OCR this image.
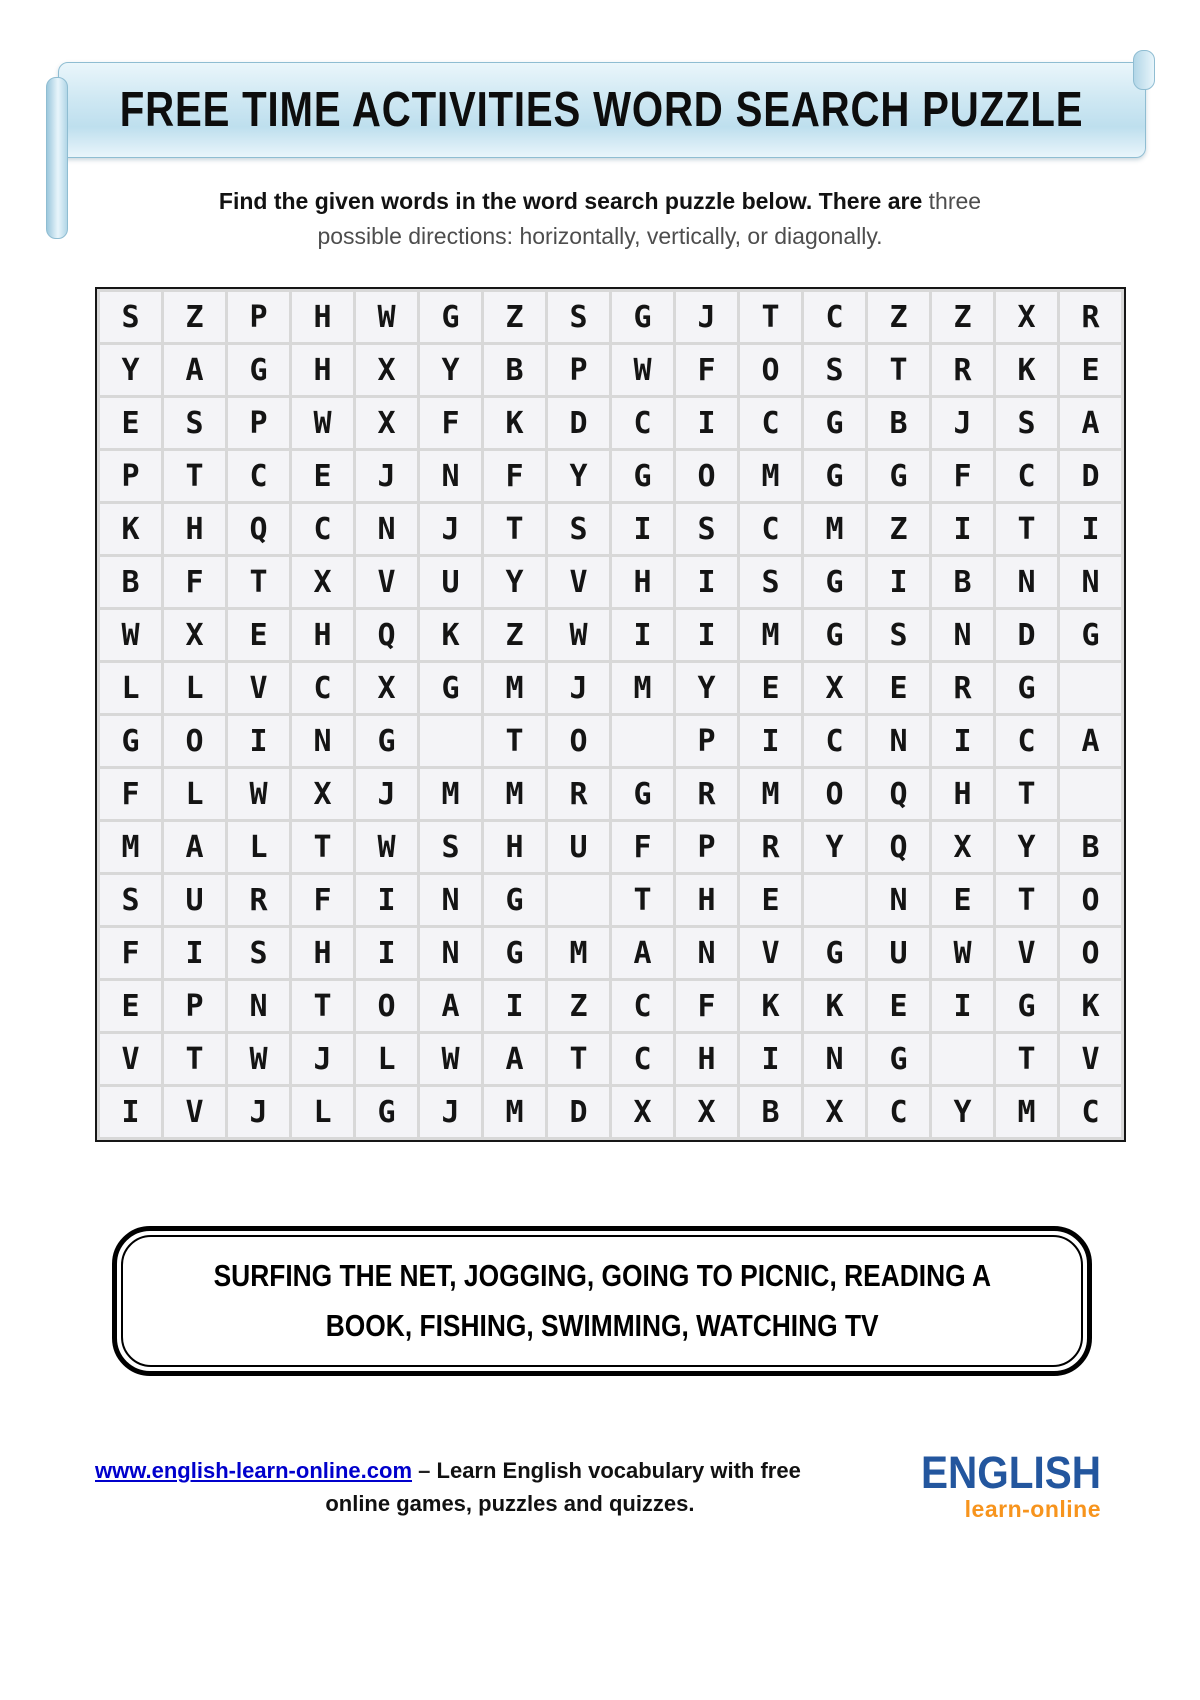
FREE TIME ACTIVITIES WORD SEARCH PUZZLE

Find the given words in the word search puzzle below. There are three
possible directions: horizontally, vertically, or diagonally.

S	Z	P	H	W	G	Z	S	G	J	T	C	Z	Z	X	R
Y	A	G	H	X	Y	B	P	W	F	O	S	T	R	K	E
E	S	P	W	X	F	K	D	C	I	C	G	B	J	S	A
P	T	C	E	J	N	F	Y	G	O	M	G	G	F	C	D
K	H	Q	C	N	J	T	S	I	S	C	M	Z	I	T	I
B	F	T	X	V	U	Y	V	H	I	S	G	I	B	N	N
W	X	E	H	Q	K	Z	W	I	I	M	G	S	N	D	G
L	L	V	C	X	G	M	J	M	Y	E	X	E	R	G	
G	O	I	N	G		T	O		P	I	C	N	I	C	A
F	L	W	X	J	M	M	R	G	R	M	O	Q	H	T	
M	A	L	T	W	S	H	U	F	P	R	Y	Q	X	Y	B
S	U	R	F	I	N	G		T	H	E		N	E	T	O
F	I	S	H	I	N	G	M	A	N	V	G	U	W	V	O
E	P	N	T	O	A	I	Z	C	F	K	K	E	I	G	K
V	T	W	J	L	W	A	T	C	H	I	N	G		T	V
I	V	J	L	G	J	M	D	X	X	B	X	C	Y	M	C
SURFING THE NET, JOGGING, GOING TO PICNIC, READING A
BOOK, FISHING, SWIMMING, WATCHING TV
www.english-learn-online.com – Learn English vocabulary with free
online games, puzzles and quizzes.
ENGLISH
learn-online
